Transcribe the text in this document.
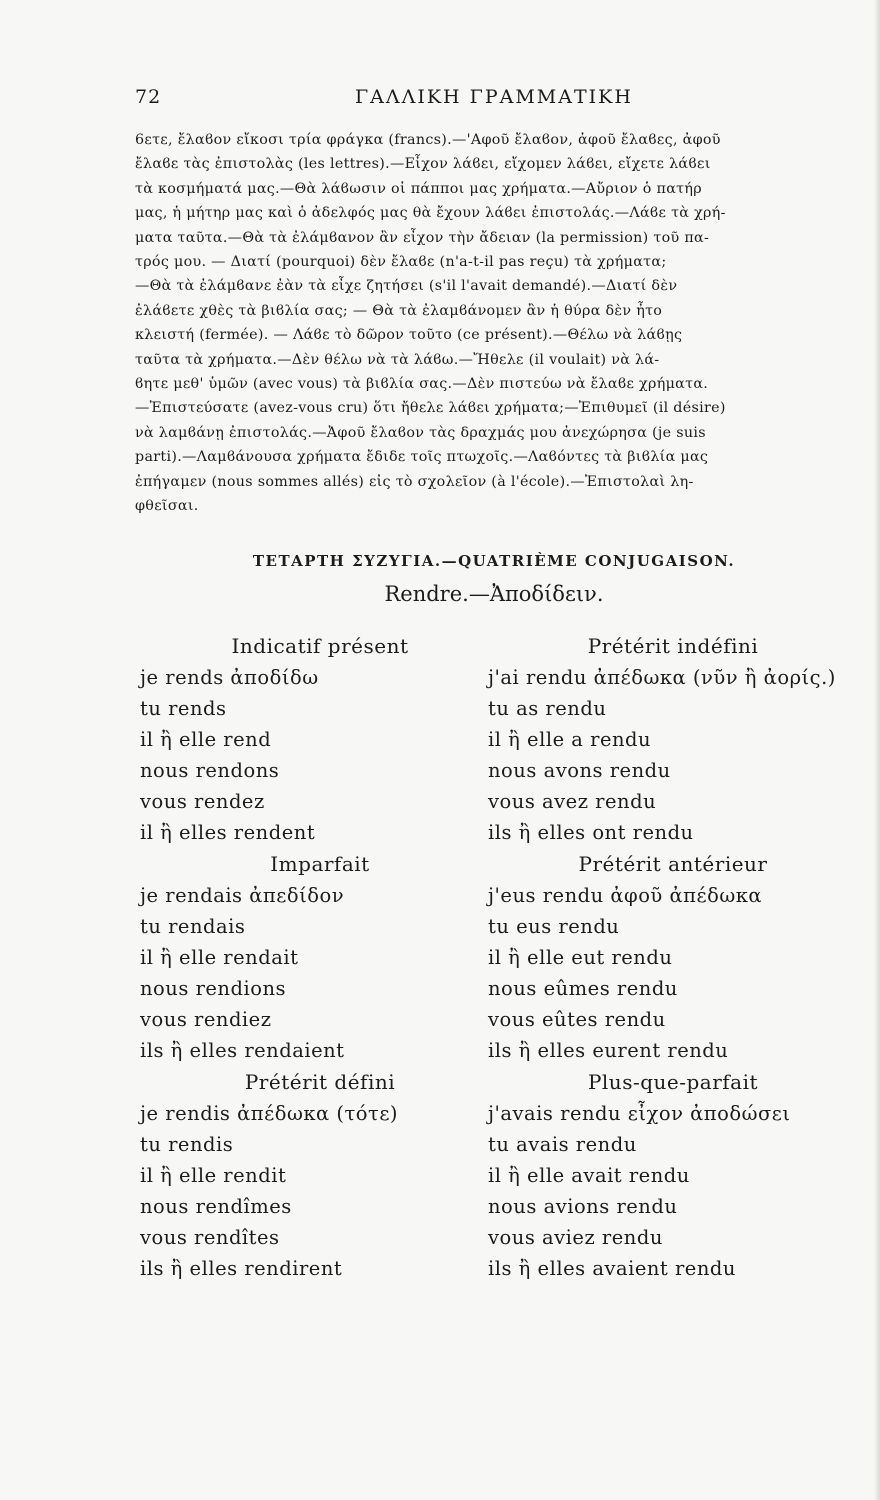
72	ΓΑΛΛΙΚΗ ΓΡΑΜΜΑΤΙΚΗ
6ετε, ἔλαϐον εἴκοσι τρία φράγκα (francs).—'Αφοῦ ἔλαϐον, ἀφοῦ ἔλαϐες, ἀφοῦ
ἔλαϐε τὰς ἐπιστολὰς (les lettres).—Εἶχον λάϐει, εἴχομεν λάϐει, εἴχετε λάϐει
τὰ κοσμήματά μας.—Θὰ λάϐωσιν οἱ πάπποι μας χρήματα.—Αὔριον ὁ πατήρ
μας, ἡ μήτηρ μας καὶ ὁ ἀδελφός μας θὰ ἔχουν λάϐει ἐπιστολάς.—Λάϐε τὰ χρή-
ματα ταῦτα.—Θὰ τὰ ἐλάμϐανον ἂν εἶχον τὴν ἄδειαν (la permission) τοῦ πα-
τρός μου. — Διατί (pourquoi) δὲν ἔλαϐε (n'a-t-il pas reçu) τὰ χρήματα;
—Θὰ τὰ ἐλάμϐανε ἐὰν τὰ εἶχε ζητήσει (s'il l'avait demandé).—Διατί δὲν
ἐλάϐετε χθὲς τὰ βιϐλία σας; — Θὰ τὰ ἐλαμϐάνομεν ἂν ἡ θύρα δὲν ἦτο
κλειστή (fermée). — Λάϐε τὸ δῶρον τοῦτο (ce présent).—Θέλω νὰ λάϐῃς
ταῦτα τὰ χρήματα.—Δὲν θέλω νὰ τὰ λάϐω.—Ἤθελε (il voulait) νὰ λά-
ϐητε μεθ' ὑμῶν (avec vous) τὰ βιϐλία σας.—Δὲν πιστεύω νὰ ἔλαϐε χρήματα.
—Ἐπιστεύσατε (avez-vous cru) ὅτι ἤθελε λάϐει χρήματα;—Ἐπιθυμεῖ (il désire)
νὰ λαμϐάνῃ ἐπιστολάς.—Ἀφοῦ ἔλαϐον τὰς δραχμάς μου ἀνεχώρησα (je suis
parti).—Λαμϐάνουσα χρήματα ἔδιδε τοῖς πτωχοῖς.—Λαϐόντες τὰ βιϐλία μας
ἐπήγαμεν (nous sommes allés) εἰς τὸ σχολεῖον (à l'école).—Ἐπιστολαὶ λη-
φθεῖσαι.
ΤΕΤΑΡΤΗ ΣΥΖΥΓΙΑ.—QUATRIÈME CONJUGAISON.
Rendre.—Ἀποδίδειν.
Indicatif présent
je rends ἀποδίδω
tu rends
il ἢ elle rend
nous rendons
vous rendez
il ἢ elles rendent
Imparfait
je rendais ἀπεδίδον
tu rendais
il ἢ elle rendait
nous rendions
vous rendiez
ils ἢ elles rendaient
Prétérit défini
je rendis ἀπέδωκα (τότε)
tu rendis
il ἢ elle rendit
nous rendîmes
vous rendîtes
ils ἢ elles rendirent
Prétérit indéfini
j'ai rendu ἀπέδωκα (νῦν ἢ ἀορίς.)
tu as rendu
il ἢ elle a rendu
nous avons rendu
vous avez rendu
ils ἢ elles ont rendu
Prétérit antérieur
j'eus rendu ἀφοῦ ἀπέδωκα
tu eus rendu
il ἢ elle eut rendu
nous eûmes rendu
vous eûtes rendu
ils ἢ elles eurent rendu
Plus-que-parfait
j'avais rendu εἶχον ἀποδώσει
tu avais rendu
il ἢ elle avait rendu
nous avions rendu
vous aviez rendu
ils ἢ elles avaient rendu
